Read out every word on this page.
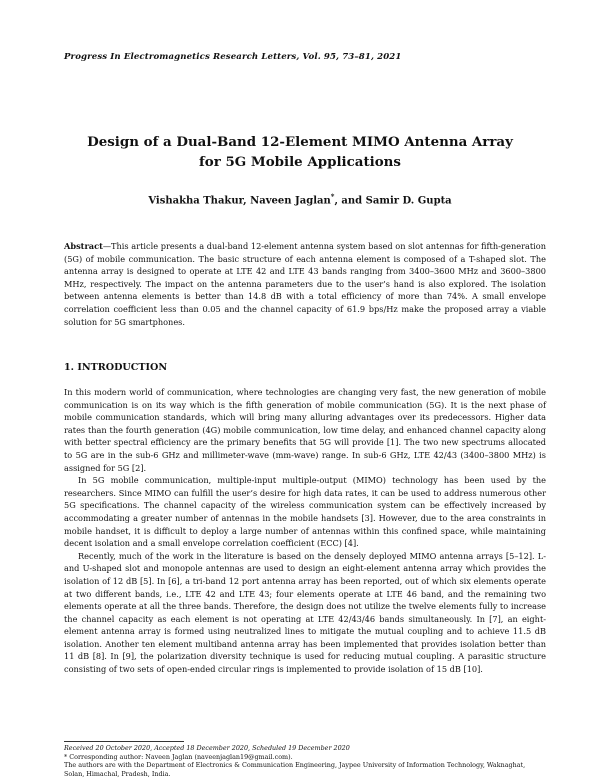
Progress In Electromagnetics Research Letters, Vol. 95, 73–81, 2021
Design of a Dual-Band 12-Element MIMO Antenna Array
for 5G Mobile Applications
Vishakha Thakur, Naveen Jaglan*, and Samir D. Gupta
Abstract—This article presents a dual-band 12-element antenna system based on slot antennas for fifth-generation (5G) of mobile communication. The basic structure of each antenna element is composed of a T-shaped slot. The antenna array is designed to operate at LTE 42 and LTE 43 bands ranging from 3400–3600 MHz and 3600–3800 MHz, respectively. The impact on the antenna parameters due to the user’s hand is also explored. The isolation between antenna elements is better than 14.8 dB with a total efficiency of more than 74%. A small envelope correlation coefficient less than 0.05 and the channel capacity of 61.9 bps/Hz make the proposed array a viable solution for 5G smartphones.
1. INTRODUCTION

In this modern world of communication, where technologies are changing very fast, the new generation of mobile communication is on its way which is the fifth generation of mobile communication (5G). It is the next phase of mobile communication standards, which will bring many alluring advantages over its predecessors. Higher data rates than the fourth generation (4G) mobile communication, low time delay, and enhanced channel capacity along with better spectral efficiency are the primary benefits that 5G will provide [1]. The two new spectrums allocated to 5G are in the sub-6 GHz and millimeter-wave (mm-wave) range. In sub-6 GHz, LTE 42/43 (3400–3800 MHz) is assigned for 5G [2].

In 5G mobile communication, multiple-input multiple-output (MIMO) technology has been used by the researchers. Since MIMO can fulfill the user’s desire for high data rates, it can be used to address numerous other 5G specifications. The channel capacity of the wireless communication system can be effectively increased by accommodating a greater number of antennas in the mobile handsets [3]. However, due to the area constraints in mobile handset, it is difficult to deploy a large number of antennas within this confined space, while maintaining decent isolation and a small envelope correlation coefficient (ECC) [4].

Recently, much of the work in the literature is based on the densely deployed MIMO antenna arrays [5–12]. L- and U-shaped slot and monopole antennas are used to design an eight-element antenna array which provides the isolation of 12 dB [5]. In [6], a tri-band 12 port antenna array has been reported, out of which six elements operate at two different bands, i.e., LTE 42 and LTE 43; four elements operate at LTE 46 band, and the remaining two elements operate at all the three bands. Therefore, the design does not utilize the twelve elements fully to increase the channel capacity as each element is not operating at LTE 42/43/46 bands simultaneously. In [7], an eight-element antenna array is formed using neutralized lines to mitigate the mutual coupling and to achieve 11.5 dB isolation. Another ten element multiband antenna array has been implemented that provides isolation better than 11 dB [8]. In [9], the polarization diversity technique is used for reducing mutual coupling. A parasitic structure consisting of two sets of open-ended circular rings is implemented to provide isolation of 15 dB [10].

Received 20 October 2020, Accepted 18 December 2020, Scheduled 19 December 2020
* Corresponding author: Naveen Jaglan (naveenjaglan19@gmail.com).
The authors are with the Department of Electronics & Communication Engineering, Jaypee University of Information Technology, Waknaghat, Solan, Himachal, Pradesh, India.
